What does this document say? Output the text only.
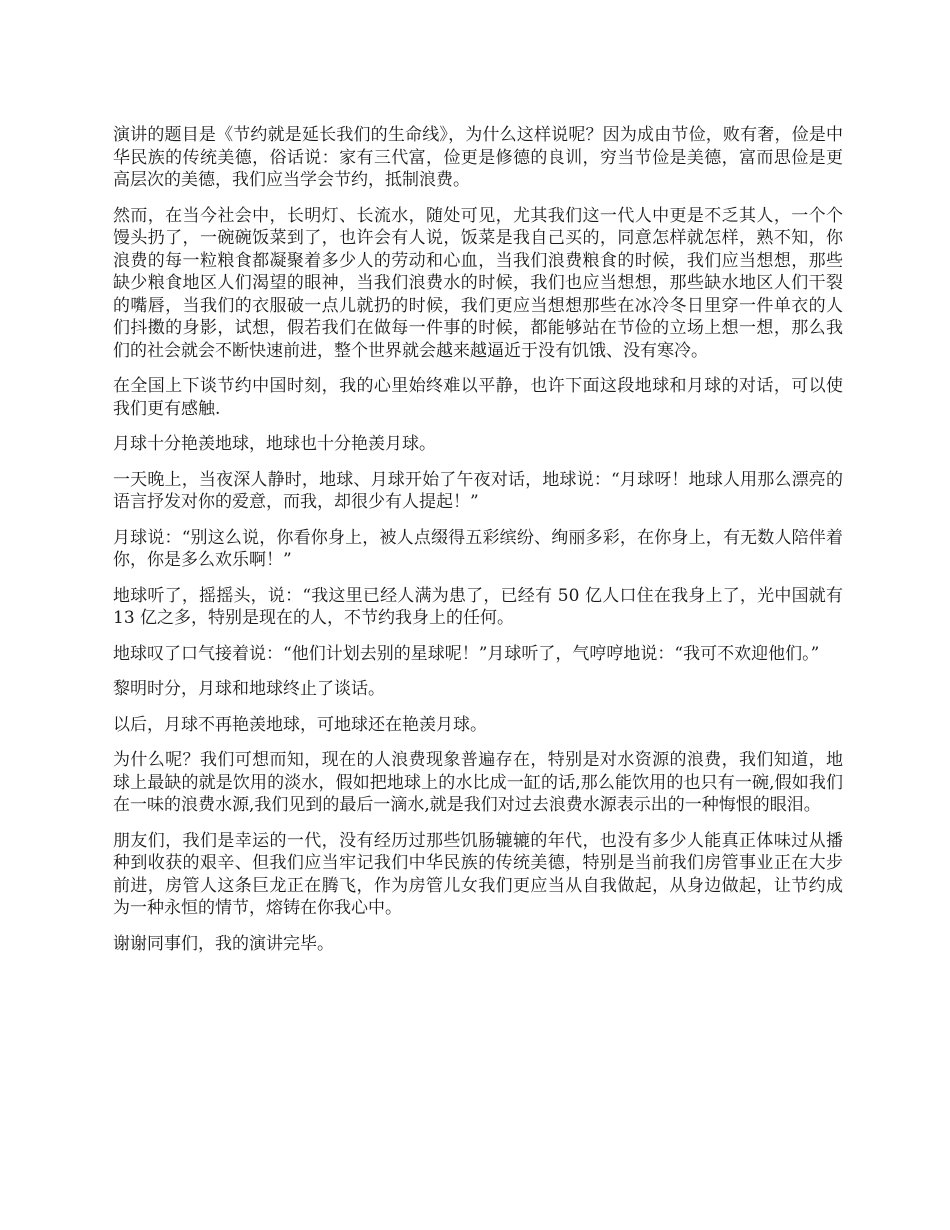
演讲的题目是《节约就是延长我们的生命线》，为什么这样说呢？因为成由节俭，败有奢，俭是中华民族的传统美德，俗话说：家有三代富，俭更是修德的良训，穷当节俭是美德，富而思俭是更高层次的美德，我们应当学会节约，抵制浪费。

然而，在当今社会中，长明灯、长流水，随处可见，尤其我们这一代人中更是不乏其人，一个个馒头扔了，一碗碗饭菜到了，也许会有人说，饭菜是我自己买的，同意怎样就怎样，熟不知，你浪费的每一粒粮食都凝聚着多少人的劳动和心血，当我们浪费粮食的时候，我们应当想想，那些缺少粮食地区人们渴望的眼神，当我们浪费水的时候，我们也应当想想，那些缺水地区人们干裂的嘴唇，当我们的衣服破一点儿就扔的时候，我们更应当想想那些在冰冷冬日里穿一件单衣的人们抖擞的身影，试想，假若我们在做每一件事的时候，都能够站在节俭的立场上想一想，那么我们的社会就会不断快速前进，整个世界就会越来越逼近于没有饥饿、没有寒冷。

在全国上下谈节约中国时刻，我的心里始终难以平静，也许下面这段地球和月球的对话，可以使我们更有感触.

月球十分艳羡地球，地球也十分艳羡月球。

一天晚上，当夜深人静时，地球、月球开始了午夜对话，地球说：“月球呀！地球人用那么漂亮的语言抒发对你的爱意，而我，却很少有人提起！”

月球说：“别这么说，你看你身上，被人点缀得五彩缤纷、绚丽多彩，在你身上，有无数人陪伴着你，你是多么欢乐啊！”

地球听了，摇摇头，说：“我这里已经人满为患了，已经有 50 亿人口住在我身上了，光中国就有 13 亿之多，特别是现在的人，不节约我身上的任何。

地球叹了口气接着说：“他们计划去别的星球呢！”月球听了，气哼哼地说：“我可不欢迎他们。”

黎明时分，月球和地球终止了谈话。

以后，月球不再艳羡地球，可地球还在艳羡月球。

为什么呢？我们可想而知，现在的人浪费现象普遍存在，特别是对水资源的浪费，我们知道，地球上最缺的就是饮用的淡水，假如把地球上的水比成一缸的话,那么能饮用的也只有一碗,假如我们在一味的浪费水源,我们见到的最后一滴水,就是我们对过去浪费水源表示出的一种悔恨的眼泪。

朋友们，我们是幸运的一代，没有经历过那些饥肠辘辘的年代，也没有多少人能真正体味过从播种到收获的艰辛、但我们应当牢记我们中华民族的传统美德，特别是当前我们房管事业正在大步前进，房管人这条巨龙正在腾飞，作为房管儿女我们更应当从自我做起，从身边做起，让节约成为一种永恒的情节，熔铸在你我心中。

谢谢同事们，我的演讲完毕。
